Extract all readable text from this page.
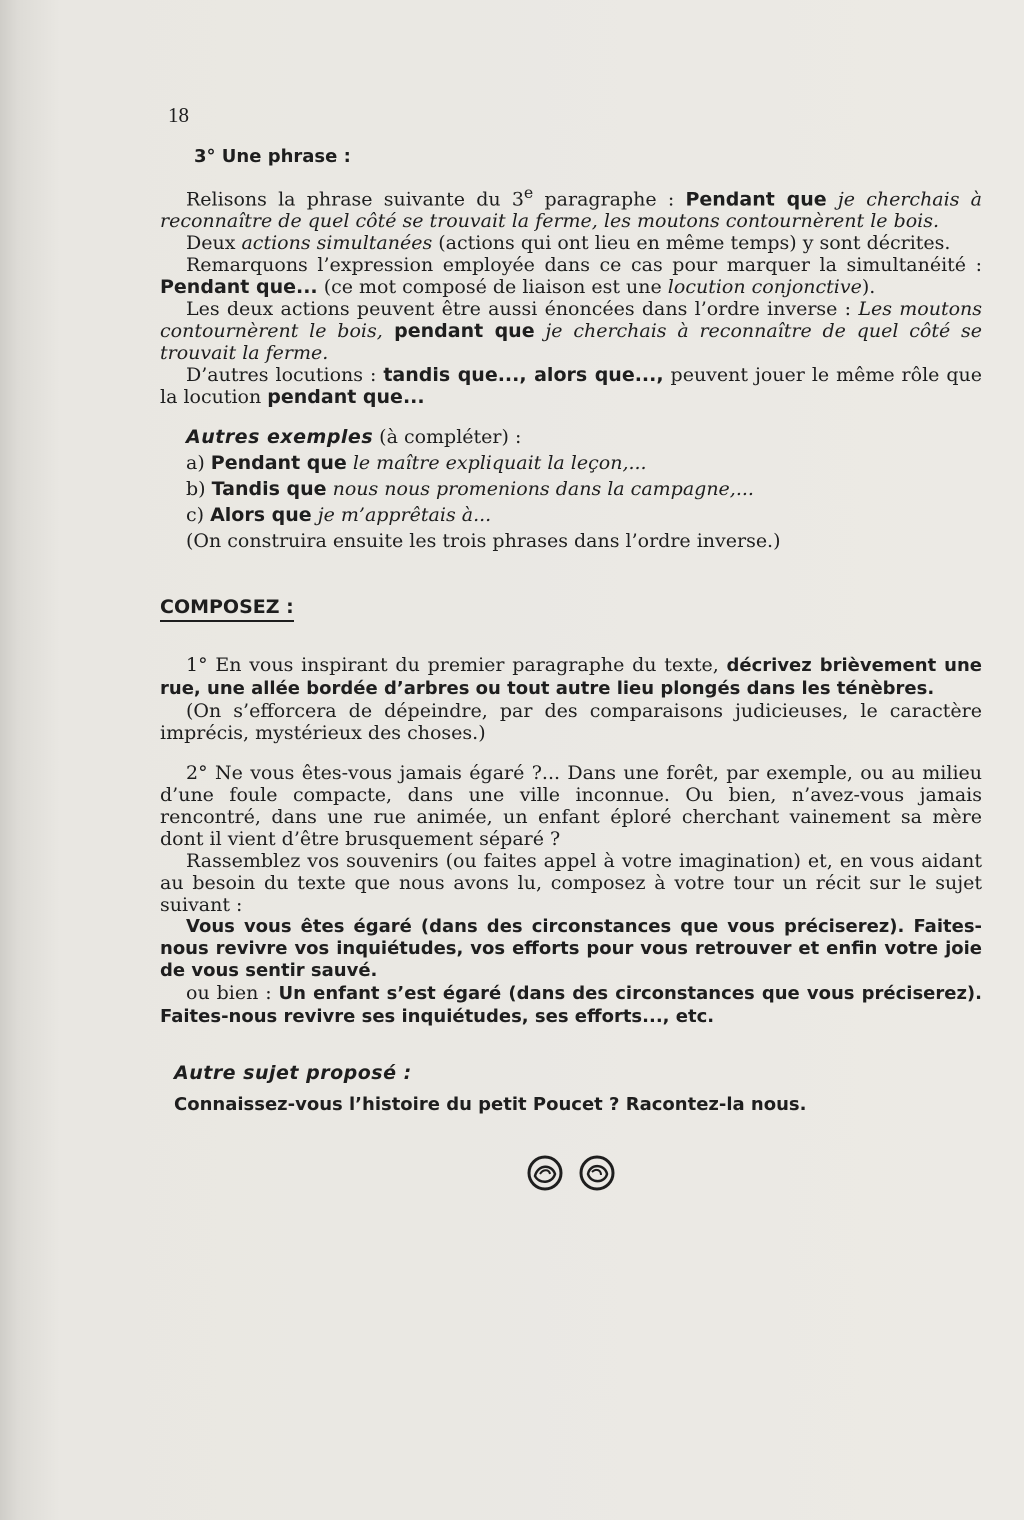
18
3° Une phrase :

Relisons la phrase suivante du 3e paragraphe : Pendant que je cherchais à reconnaître de quel côté se trouvait la ferme, les moutons contournèrent le bois.

Deux actions simultanées (actions qui ont lieu en même temps) y sont décrites.

Remarquons l’expression employée dans ce cas pour marquer la simultanéité : Pendant que... (ce mot composé de liaison est une locution conjonctive).

Les deux actions peuvent être aussi énoncées dans l’ordre inverse : Les moutons contournèrent le bois, pendant que je cherchais à reconnaître de quel côté se trouvait la ferme.

D’autres locutions : tandis que..., alors que..., peuvent jouer le même rôle que la locution pendant que...

Autres exemples (à compléter) :
a) Pendant que le maître expliquait la leçon,...
b) Tandis que nous nous promenions dans la campagne,...
c) Alors que je m’apprêtais à...
(On construira ensuite les trois phrases dans l’ordre inverse.)
COMPOSEZ :

1° En vous inspirant du premier paragraphe du texte, décrivez brièvement une rue, une allée bordée d’arbres ou tout autre lieu plongés dans les ténèbres.

(On s’efforcera de dépeindre, par des comparaisons judicieuses, le caractère imprécis, mystérieux des choses.)

2° Ne vous êtes-vous jamais égaré ?... Dans une forêt, par exemple, ou au milieu d’une foule compacte, dans une ville inconnue. Ou bien, n’avez-vous jamais rencontré, dans une rue animée, un enfant éploré cherchant vainement sa mère dont il vient d’être brusquement séparé ?

Rassemblez vos souvenirs (ou faites appel à votre imagination) et, en vous aidant au besoin du texte que nous avons lu, composez à votre tour un récit sur le sujet suivant :

Vous vous êtes égaré (dans des circonstances que vous préciserez). Faites-nous revivre vos inquiétudes, vos efforts pour vous retrouver et enfin votre joie de vous sentir sauvé.

ou bien : Un enfant s’est égaré (dans des circonstances que vous préciserez). Faites-nous revivre ses inquiétudes, ses efforts..., etc.

Autre sujet proposé :
Connaissez-vous l’histoire du petit Poucet ? Racontez-la nous.
